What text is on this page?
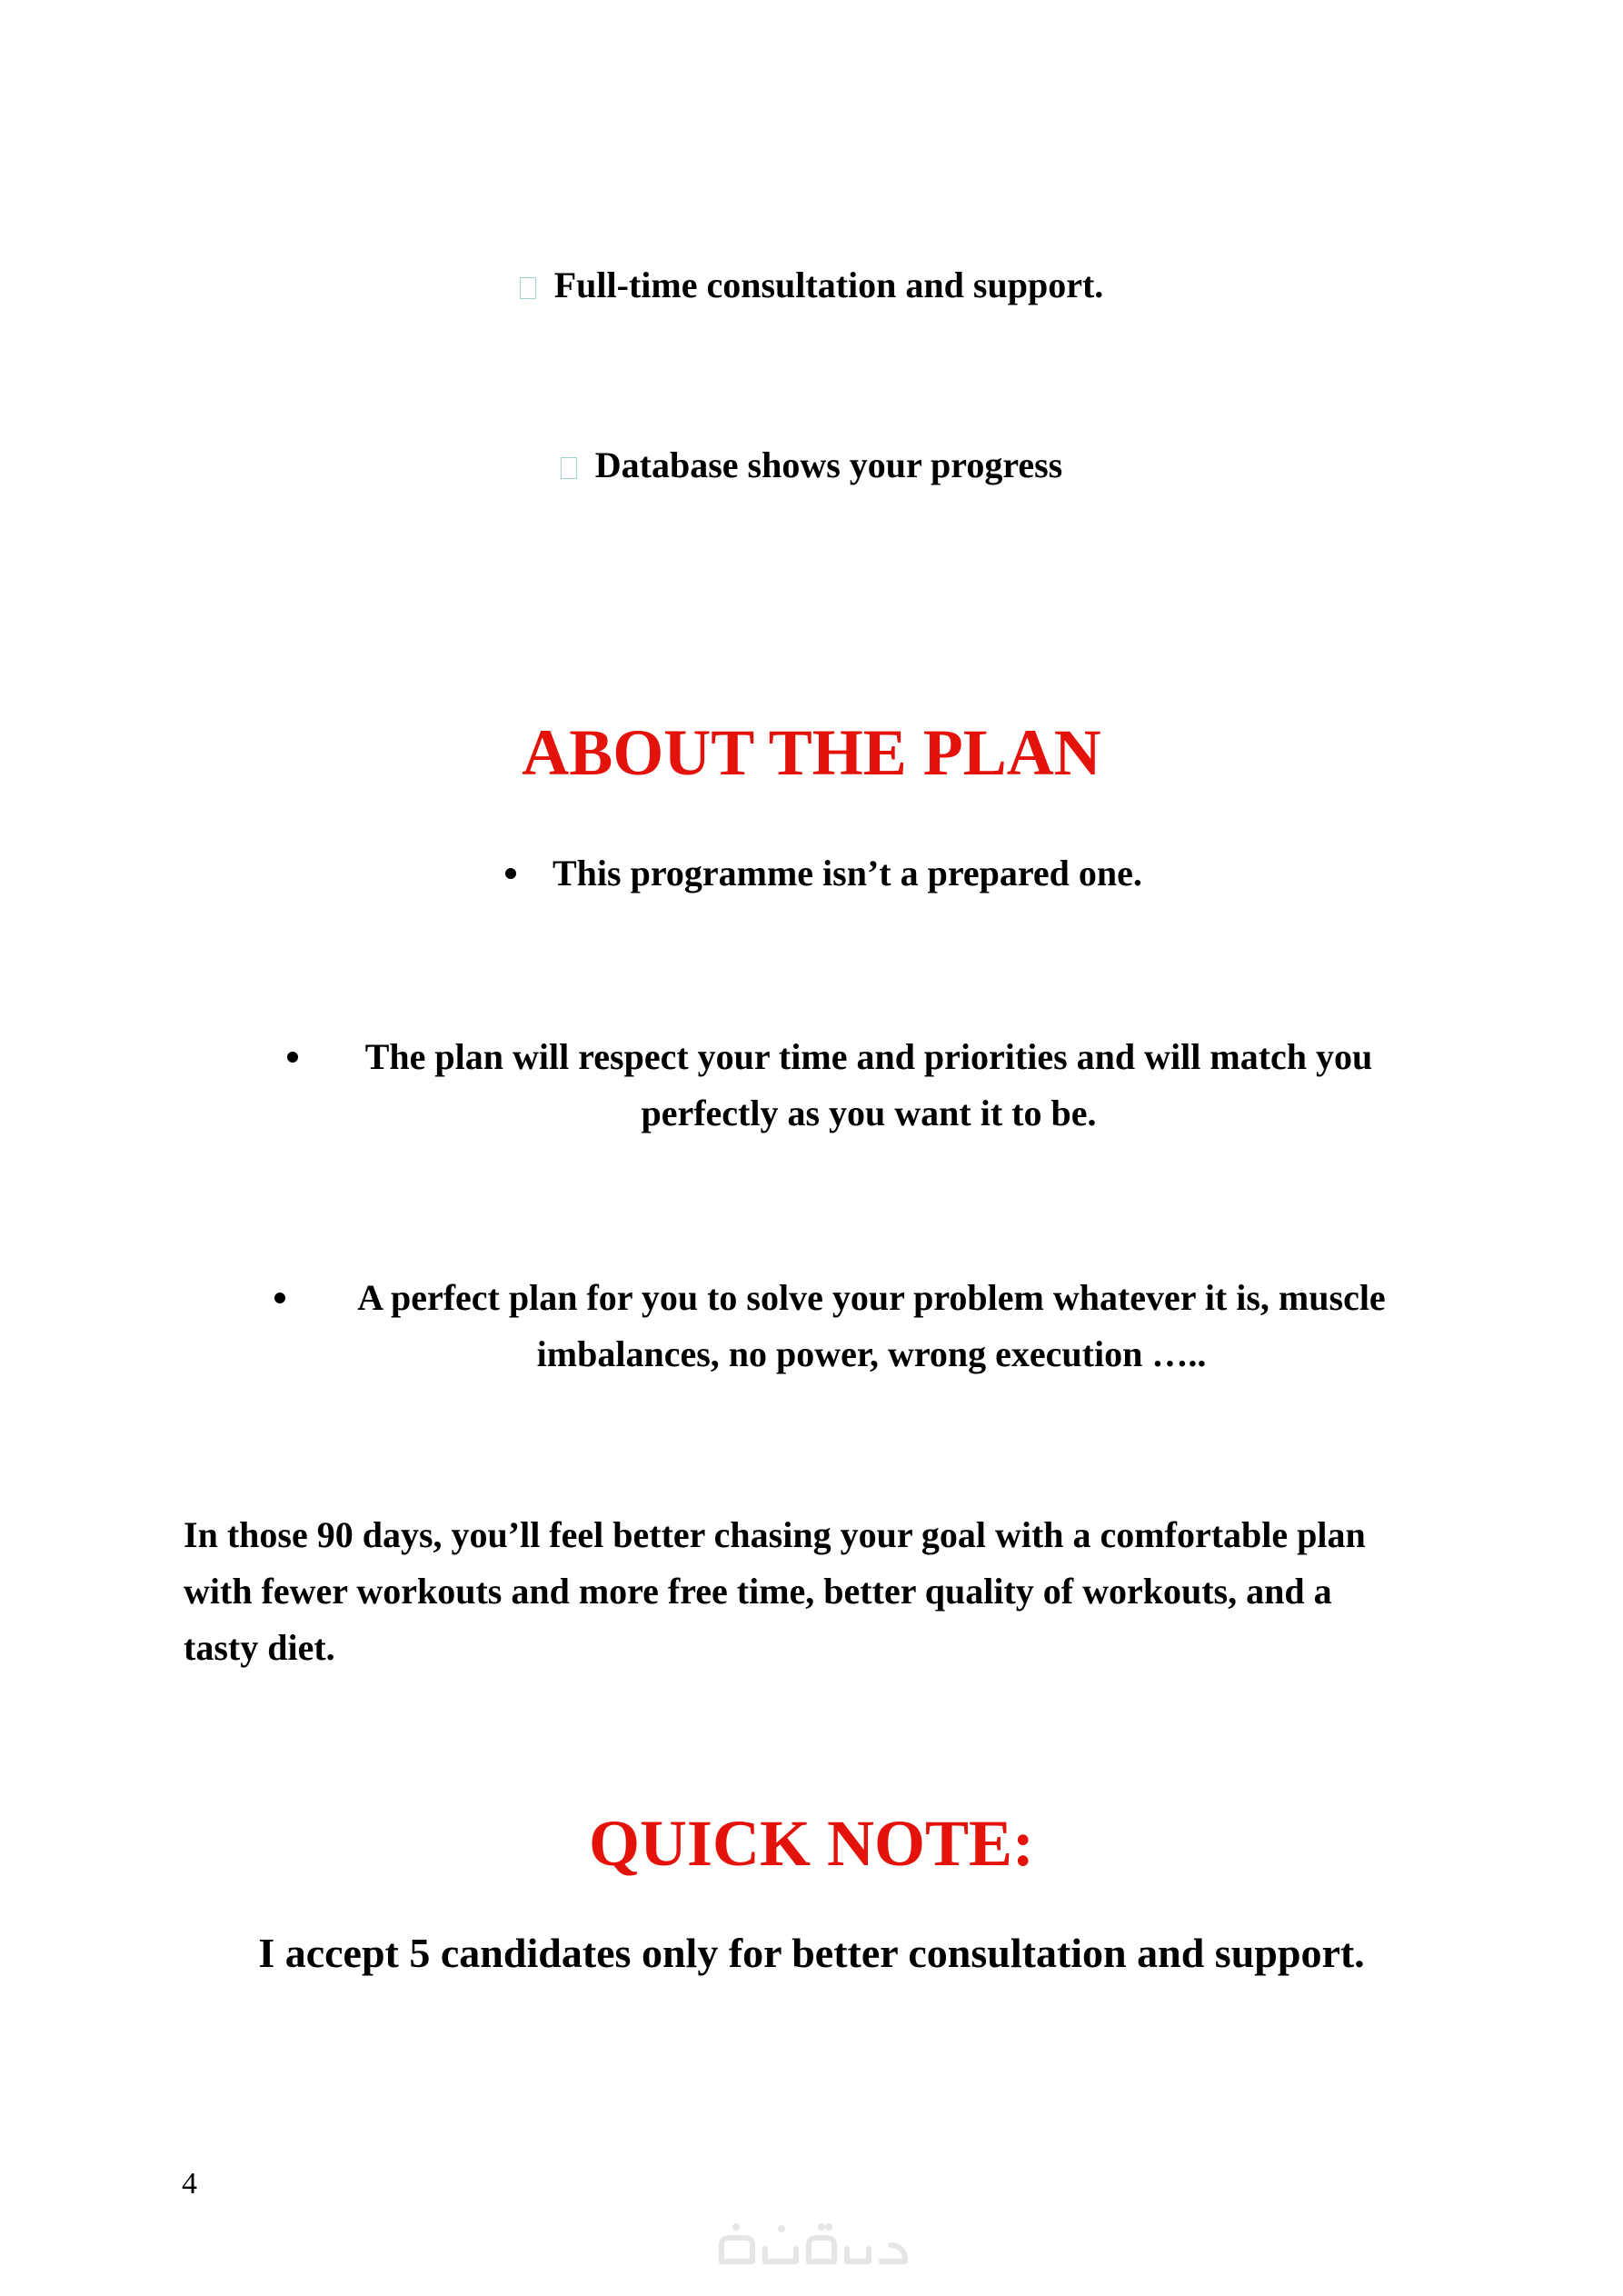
Full-time consultation and support.
Database shows your progress
ABOUT THE PLAN
This programme isn’t a prepared one.
The plan will respect your time and priorities and will match you
perfectly as you want it to be.
A perfect plan for you to solve your problem whatever it is, muscle
imbalances, no power, wrong execution …..
In those 90 days, you’ll feel better chasing your goal with a comfortable plan
with fewer workouts and more free time, better quality of workouts, and a
tasty diet.
QUICK NOTE:
I accept 5 candidates only for better consultation and support.
4
